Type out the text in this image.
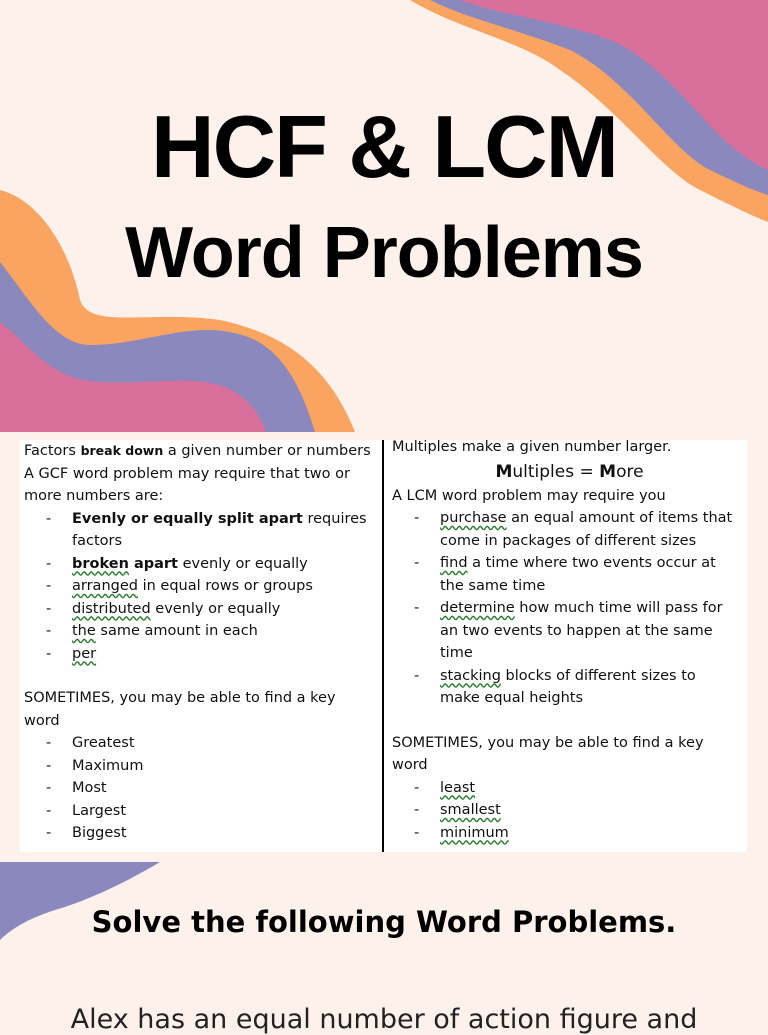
HCF & LCM
Word Problems
Factors break down a given number or numbers
A GCF word problem may require that two or
more numbers are:
- Evenly or equally split apart requires
factors
- broken apart evenly or equally
- arranged in equal rows or groups
- distributed evenly or equally
- the same amount in each
- per
SOMETIMES, you may be able to find a key
word
- Greatest
- Maximum
- Most
- Largest
- Biggest
Multiples make a given number larger.
Multiples = More
A LCM word problem may require you
- purchase an equal amount of items that
come in packages of different sizes
- find a time where two events occur at
the same time
- determine how much time will pass for
an two events to happen at the same
time
- stacking blocks of different sizes to
make equal heights
SOMETIMES, you may be able to find a key
word
- least
- smallest
- minimum
Solve the following Word Problems.
Alex has an equal number of action figure and
